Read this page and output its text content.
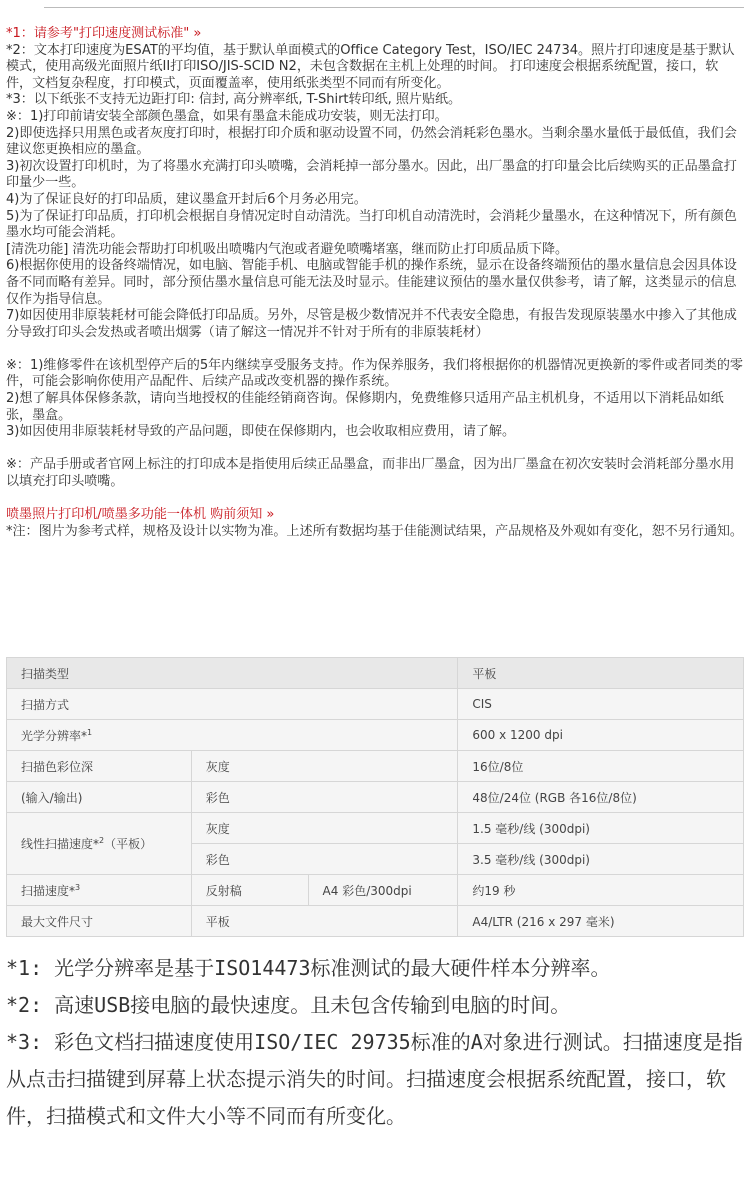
*1：请参考"打印速度测试标准" »

*2：文本打印速度为ESAT的平均值，基于默认单面模式的Office Category Test，ISO/IEC 24734。照片打印速度是基于默认模式，使用高级光面照片纸II打印ISO/JIS-SCID N2，未包含数据在主机上处理的时间。 打印速度会根据系统配置，接口，软件，文档复杂程度，打印模式，页面覆盖率，使用纸张类型不同而有所变化。

*3：以下纸张不支持无边距打印: 信封, 高分辨率纸, T-Shirt转印纸, 照片贴纸。

※：1)打印前请安装全部颜色墨盒，如果有墨盒未能成功安装，则无法打印。

2)即使选择只用黑色或者灰度打印时，根据打印介质和驱动设置不同，仍然会消耗彩色墨水。当剩余墨水量低于最低值，我们会建议您更换相应的墨盒。

3)初次设置打印机时，为了将墨水充满打印头喷嘴，会消耗掉一部分墨水。因此，出厂墨盒的打印量会比后续购买的正品墨盒打印量少一些。

4)为了保证良好的打印品质，建议墨盒开封后6个月务必用完。

5)为了保证打印品质，打印机会根据自身情况定时自动清洗。当打印机自动清洗时，会消耗少量墨水，在这种情况下，所有颜色墨水均可能会消耗。

[清洗功能] 清洗功能会帮助打印机吸出喷嘴内气泡或者避免喷嘴堵塞，继而防止打印质品质下降。

6)根据你使用的设备终端情况，如电脑、智能手机、电脑或智能手机的操作系统，显示在设备终端预估的墨水量信息会因具体设备不同而略有差异。同时，部分预估墨水量信息可能无法及时显示。佳能建议预估的墨水量仅供参考，请了解，这类显示的信息仅作为指导信息。

7)如因使用非原装耗材可能会降低打印品质。另外，尽管是极少数情况并不代表安全隐患，有报告发现原装墨水中掺入了其他成分导致打印头会发热或者喷出烟雾（请了解这一情况并不针对于所有的非原装耗材）

※：1)维修零件在该机型停产后的5年内继续享受服务支持。作为保养服务，我们将根据你的机器情况更换新的零件或者同类的零件，可能会影响你使用产品配件、后续产品或改变机器的操作系统。

2)想了解具体保修条款，请向当地授权的佳能经销商咨询。保修期内，免费维修只适用产品主机机身，不适用以下消耗品如纸张，墨盒。

3)如因使用非原装耗材导致的产品问题，即使在保修期内，也会收取相应费用，请了解。

※：产品手册或者官网上标注的打印成本是指使用后续正品墨盒，而非出厂墨盒，因为出厂墨盒在初次安装时会消耗部分墨水用以填充打印头喷嘴。

喷墨照片打印机/喷墨多功能一体机 购前须知 »

*注：图片为参考式样，规格及设计以实物为准。上述所有数据均基于佳能测试结果，产品规格及外观如有变化，恕不另行通知。

扫描类型			平板
扫描方式			CIS
光学分辨率*$^1$			600 x 1200 dpi
扫描色彩位深	灰度		16位/8位
(输入/输出)	彩色		48位/24位 (RGB 各16位/8位)
线性扫描速度*$^2$（平板）	灰度		1.5 毫秒/线 (300dpi)
	彩色		3.5 毫秒/线 (300dpi)
扫描速度*$^3$	反射稿	A4 彩色/300dpi	约19 秒
最大文件尺寸	平板		A4/LTR (216 x 297 毫米)

*1: 光学分辨率是基于ISO14473标准测试的最大硬件样本分辨率。

*2: 高速USB接电脑的最快速度。且未包含传输到电脑的时间。

*3: 彩色文档扫描速度使用ISO/IEC 29735标准的A对象进行测试。扫描速度是指从点击扫描键到屏幕上状态提示消失的时间。扫描速度会根据系统配置，接口，软件，扫描模式和文件大小等不同而有所变化。
